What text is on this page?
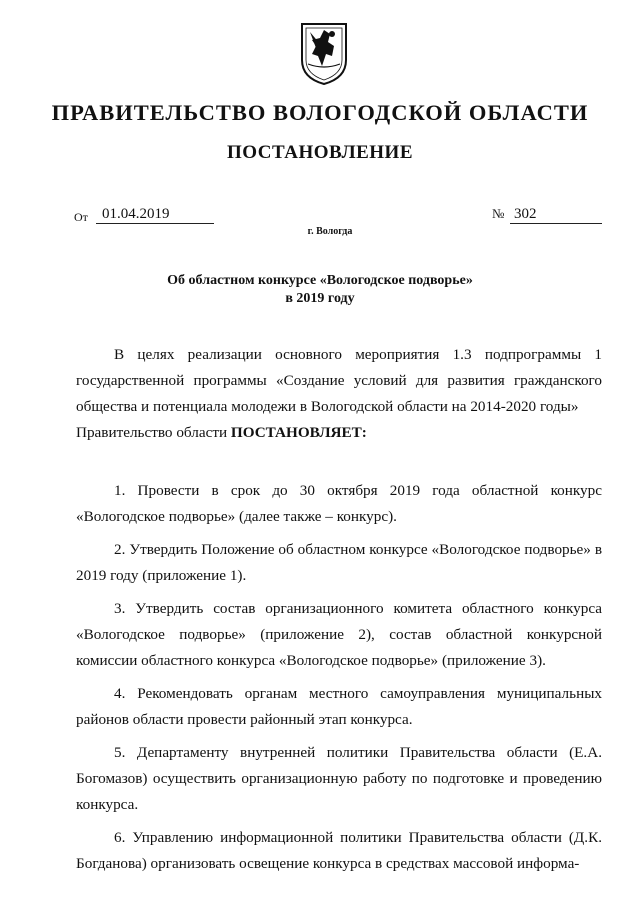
ПРАВИТЕЛЬСТВО ВОЛОГОДСКОЙ ОБЛАСТИ
ПОСТАНОВЛЕНИЕ
От 01.04.2019	№ 302
г. Вологда
Об областном конкурсе «Вологодское подворье»
в 2019 году

В целях реализации основного мероприятия 1.3 подпрограммы 1 государственной программы «Создание условий для развития гражданского общества и потенциала молодежи в Вологодской области на 2014-2020 годы»

Правительство области ПОСТАНОВЛЯЕТ:

1. Провести в срок до 30 октября 2019 года областной конкурс «Вологодское подворье» (далее также – конкурс).

2. Утвердить Положение об областном конкурсе «Вологодское подворье» в 2019 году (приложение 1).

3. Утвердить состав организационного комитета областного конкурса «Вологодское подворье» (приложение 2), состав областной конкурсной комиссии областного конкурса «Вологодское подворье» (приложение 3).

4. Рекомендовать органам местного самоуправления муниципальных районов области провести районный этап конкурса.

5. Департаменту внутренней политики Правительства области (Е.А. Богомазов) осуществить организационную работу по подготовке и проведению конкурса.

6. Управлению информационной политики Правительства области (Д.К. Богданова) организовать освещение конкурса в средствах массовой информа-
